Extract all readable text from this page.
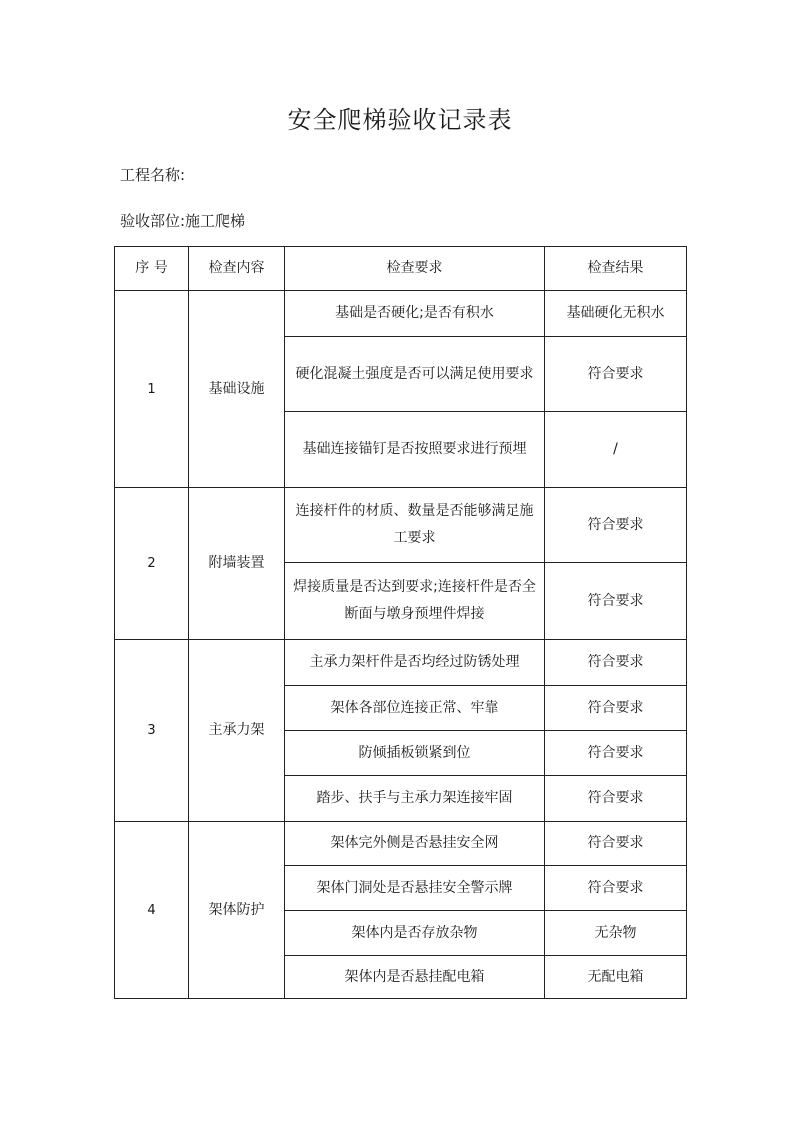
安全爬梯验收记录表
工程名称:
验收部位:施工爬梯
序 号	检查内容	检查要求	检查结果
1	基础设施	基础是否硬化;是否有积水	基础硬化无积水
		硬化混凝土强度是否可以满足使用要求	符合要求
		基础连接锚钉是否按照要求进行预埋	/
2	附墙装置	连接杆件的材质、数量是否能够满足施工要求	符合要求
		焊接质量是否达到要求;连接杆件是否全断面与墩身预埋件焊接	符合要求
3	主承力架	主承力架杆件是否均经过防锈处理	符合要求
		架体各部位连接正常、牢靠	符合要求
		防倾插板锁紧到位	符合要求
		踏步、扶手与主承力架连接牢固	符合要求
4	架体防护	架体完外侧是否悬挂安全网	符合要求
		架体门洞处是否悬挂安全警示牌	符合要求
		架体内是否存放杂物	无杂物
		架体内是否悬挂配电箱	无配电箱
